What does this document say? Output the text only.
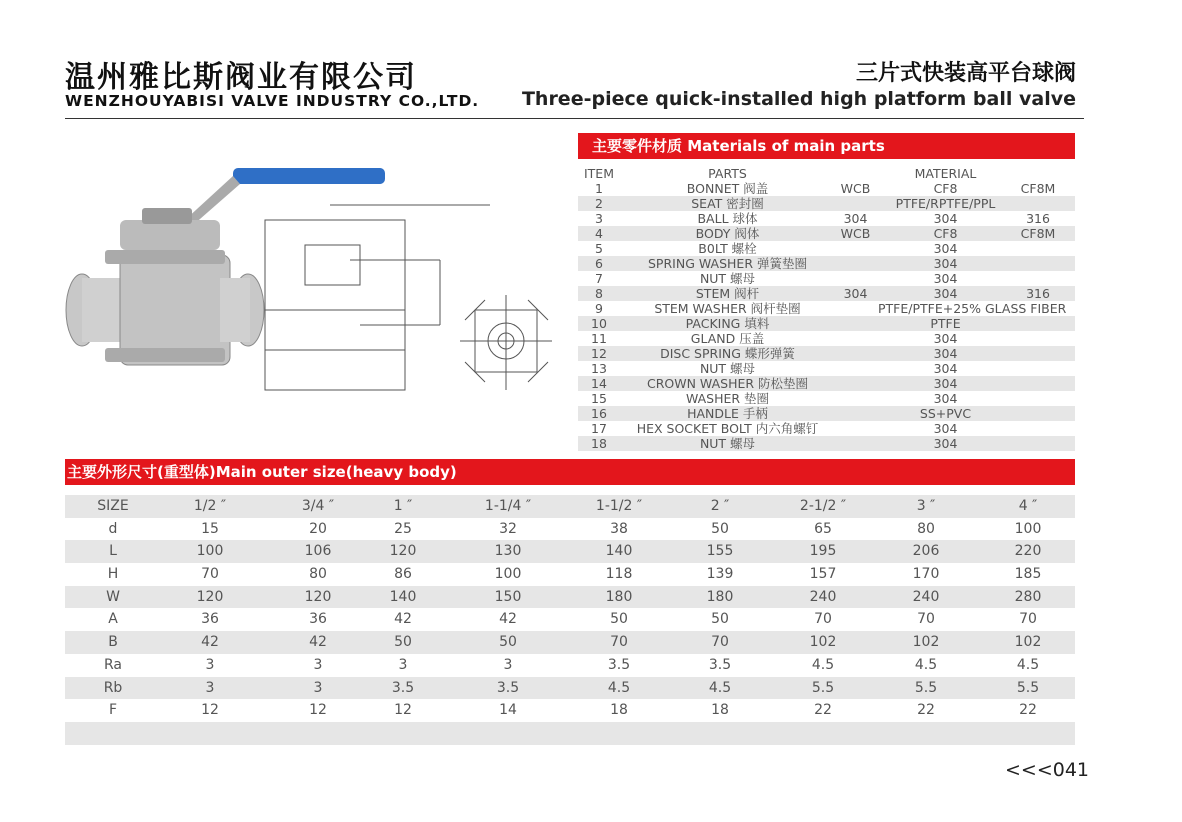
温州雅比斯阀业有限公司
WENZHOUYABISI VALVE INDUSTRY CO.,LTD.
三片式快装高平台球阀
Three-piece quick-installed high platform ball valve
主要零件材质 Materials of main parts
ITEM	PARTS	MATERIAL
1	BONNET 阀盖	WCB	CF8	CF8M
2	SEAT 密封圈	PTFE/RPTFE/PPL
3	BALL 球体	304	304	316
4	BODY 阀体	WCB	CF8	CF8M
5	B0LT 螺栓	304
6	SPRING WASHER 弹簧垫圈	304
7	NUT 螺母	304
8	STEM 阀杆	304	304	316
9	STEM WASHER 阀杆垫圈	PTFE/PTFE+25% GLASS FIBER
10	PACKING 填料	PTFE
11	GLAND 压盖	304
12	DISC SPRING 蝶形弹簧	304
13	NUT 螺母	304
14	CROWN WASHER 防松垫圈	304
15	WASHER 垫圈	304
16	HANDLE 手柄	SS+PVC
17	HEX SOCKET BOLT 内六角螺钉	304
18	NUT 螺母	304
主要外形尺寸(重型体)Main outer size(heavy body)
SIZE	1/2 ″	3/4 ″	1 ″	1-1/4 ″	1-1/2 ″	2 ″	2-1/2 ″	3 ″	4 ″
d	15	20	25	32	38	50	65	80	100
L	100	106	120	130	140	155	195	206	220
H	70	80	86	100	118	139	157	170	185
W	120	120	140	150	180	180	240	240	280
A	36	36	42	42	50	50	70	70	70
B	42	42	50	50	70	70	102	102	102
Ra	3	3	3	3	3.5	3.5	4.5	4.5	4.5
Rb	3	3	3.5	3.5	4.5	4.5	5.5	5.5	5.5
F	12	12	12	14	18	18	22	22	22
<<<041
